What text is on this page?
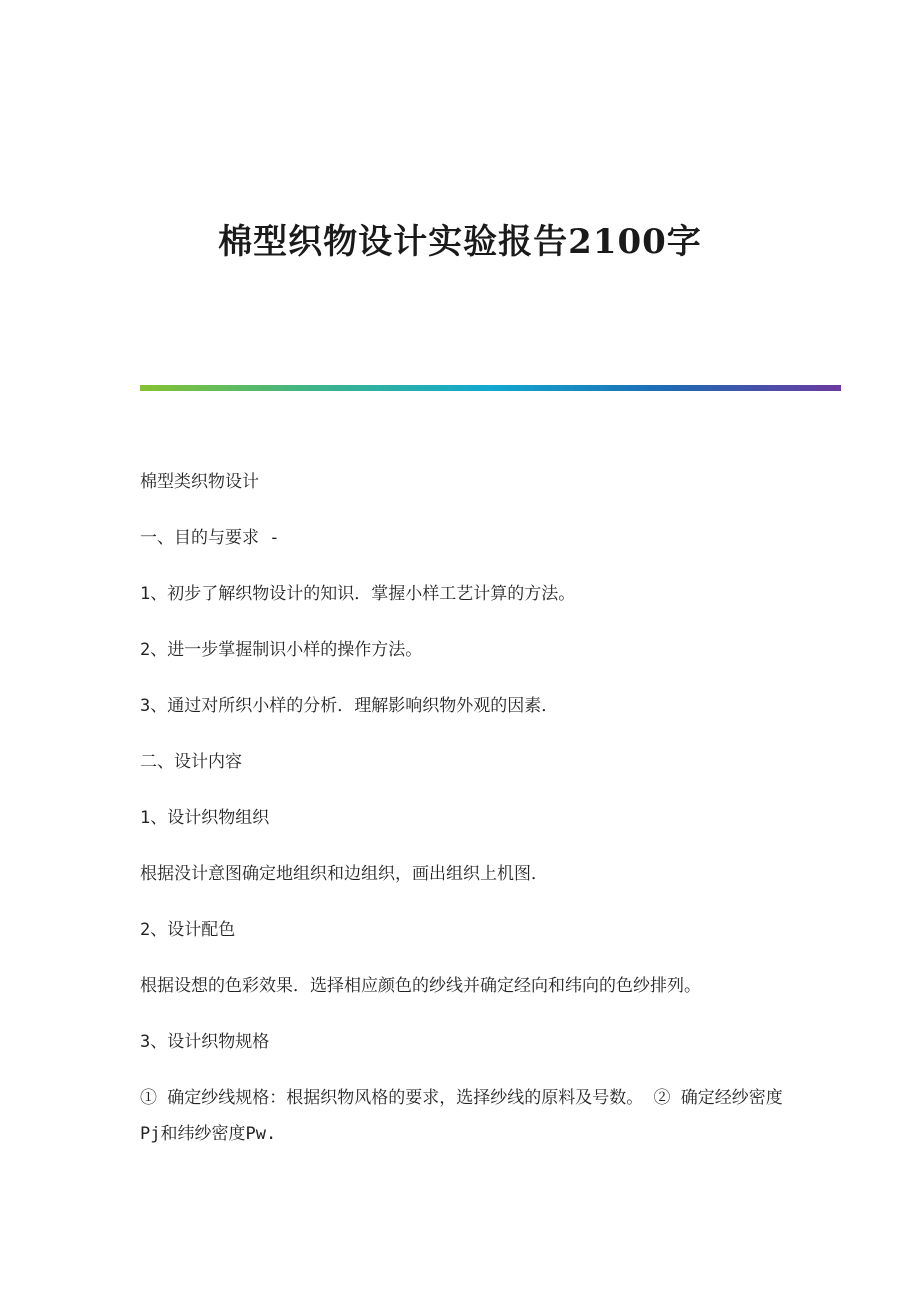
棉型织物设计实验报告2100字

棉型类织物设计

一、目的与要求 -

1、初步了解织物设计的知识．掌握小样工艺计算的方法。

2、进一步掌握制识小样的操作方法。

3、通过对所织小样的分析．理解影响织物外观的因素．

二、设计内容

1、设计织物组织

根据没计意图确定地组织和边组织，画出组织上机图．

2、设计配色

根据设想的色彩效果．选择相应颜色的纱线并确定经向和纬向的色纱排列。

3、设计织物规格

① 确定纱线规格：根据织物风格的要求，选择纱线的原料及号数。 ② 确定经纱密度Pj和纬纱密度Pw.
